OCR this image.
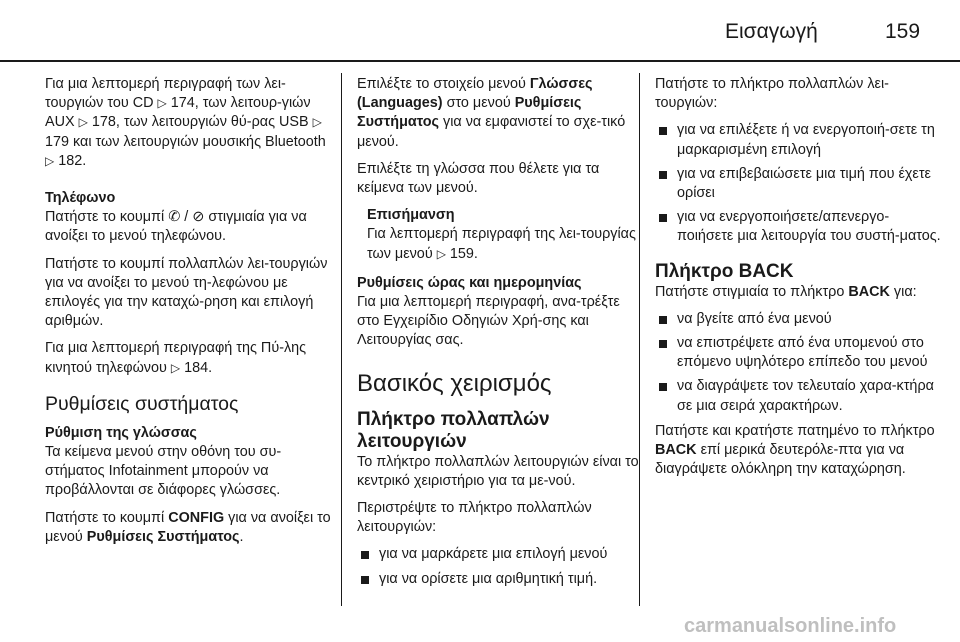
Εισαγωγή	159

Για μια λεπτομερή περιγραφή των λει-τουργιών του CD ▷ 174, των λειτουρ-γιών AUX ▷ 178, των λειτουργιών θύ-ρας USB ▷ 179 και των λειτουργιών μουσικής Bluetooth ▷ 182.

Τηλέφωνο

Πατήστε το κουμπί ✆ / ⊘ στιγμιαία για να ανοίξει το μενού τηλεφώνου.

Πατήστε το κουμπί πολλαπλών λει-τουργιών για να ανοίξει το μενού τη-λεφώνου με επιλογές για την καταχώ-ρηση και επιλογή αριθμών.

Για μια λεπτομερή περιγραφή της Πύ-λης κινητού τηλεφώνου ▷ 184.

Ρυθμίσεις συστήματος
Ρύθμιση της γλώσσας

Τα κείμενα μενού στην οθόνη του συ-στήματος Infotainment μπορούν να προβάλλονται σε διάφορες γλώσσες.

Πατήστε το κουμπί CONFIG για να ανοίξει το μενού Ρυθμίσεις Συστήματος.

Επιλέξτε το στοιχείο μενού Γλώσσες (Languages) στο μενού Ρυθμίσεις Συστήματος για να εμφανιστεί το σχε-τικό μενού.

Επιλέξτε τη γλώσσα που θέλετε για τα κείμενα των μενού.

Επισήμανση
Για λεπτομερή περιγραφή της λει-τουργίας των μενού ▷ 159.
Ρυθμίσεις ώρας και ημερομηνίας

Για μια λεπτομερή περιγραφή, ανα-τρέξτε στο Εγχειρίδιο Οδηγιών Χρή-σης και Λειτουργίας σας.

Βασικός χειρισμός
Πλήκτρο πολλαπλών λειτουργιών

Το πλήκτρο πολλαπλών λειτουργιών είναι το κεντρικό χειριστήριο για τα με-νού.

Περιστρέψτε το πλήκτρο πολλαπλών λειτουργιών:

για να μαρκάρετε μια επιλογή μενού
για να ορίσετε μια αριθμητική τιμή.

Πατήστε το πλήκτρο πολλαπλών λει-τουργιών:

για να επιλέξετε ή να ενεργοποιή-σετε τη μαρκαρισμένη επιλογή
για να επιβεβαιώσετε μια τιμή που έχετε ορίσει
για να ενεργοποιήσετε/απενεργο-ποιήσετε μια λειτουργία του συστή-ματος.
Πλήκτρο BACK

Πατήστε στιγμιαία το πλήκτρο BACK για:

να βγείτε από ένα μενού
να επιστρέψετε από ένα υπομενού στο επόμενο υψηλότερο επίπεδο του μενού
να διαγράψετε τον τελευταίο χαρα-κτήρα σε μια σειρά χαρακτήρων.

Πατήστε και κρατήστε πατημένο το πλήκτρο BACK επί μερικά δευτερόλε-πτα για να διαγράψετε ολόκληρη την καταχώρηση.

carmanualsonline.info
